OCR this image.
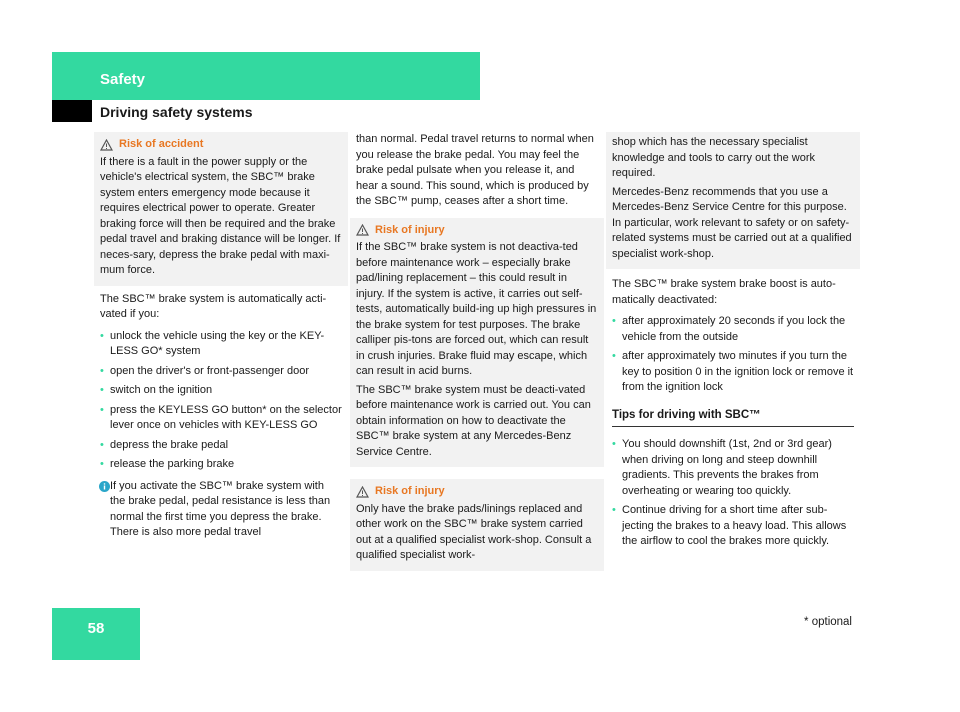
Safety
Driving safety systems
Risk of accident

If there is a fault in the power supply or the vehicle's electrical system, the SBC™ brake system enters emergency mode because it requires electrical power to operate. Greater braking force will then be required and the brake pedal travel and braking distance will be longer. If neces-sary, depress the brake pedal with maxi-mum force.

The SBC™ brake system is automatically acti-vated if you:

• unlock the vehicle using the key or the KEY-LESS GO* system
• open the driver's or front-passenger door
• switch on the ignition
• press the KEYLESS GO button* on the selector lever once on vehicles with KEY-LESS GO
• depress the brake pedal
• release the parking brake
If you activate the SBC™ brake system with the brake pedal, pedal resistance is less than normal the first time you depress the brake. There is also more pedal travel

than normal. Pedal travel returns to normal when you release the brake pedal. You may feel the brake pedal pulsate when you release it, and hear a sound. This sound, which is produced by the SBC™ pump, ceases after a short time.

Risk of injury

If the SBC™ brake system is not deactiva-ted before maintenance work – especially brake pad/lining replacement – this could result in injury. If the system is active, it carries out self-tests, automatically build-ing up high pressures in the brake system for test purposes. The brake calliper pis-tons are forced out, which can result in crush injuries. Brake fluid may escape, which can result in acid burns.

The SBC™ brake system must be deacti-vated before maintenance work is carried out. You can obtain information on how to deactivate the SBC™ brake system at any Mercedes-Benz Service Centre.

Risk of injury

Only have the brake pads/linings replaced and other work on the SBC™ brake system carried out at a qualified specialist work-shop. Consult a qualified specialist work-

shop which has the necessary specialist knowledge and tools to carry out the work required.

Mercedes-Benz recommends that you use a Mercedes-Benz Service Centre for this purpose. In particular, work relevant to safety or on safety-related systems must be carried out at a qualified specialist work-shop.

The SBC™ brake system brake boost is auto-matically deactivated:

• after approximately 20 seconds if you lock the vehicle from the outside
• after approximately two minutes if you turn the key to position 0 in the ignition lock or remove it from the ignition lock
Tips for driving with SBC™
• You should downshift (1st, 2nd or 3rd gear) when driving on long and steep downhill gradients. This prevents the brakes from overheating or wearing too quickly.
• Continue driving for a short time after sub-jecting the brakes to a heavy load. This allows the airflow to cool the brakes more quickly.
58	* optional
